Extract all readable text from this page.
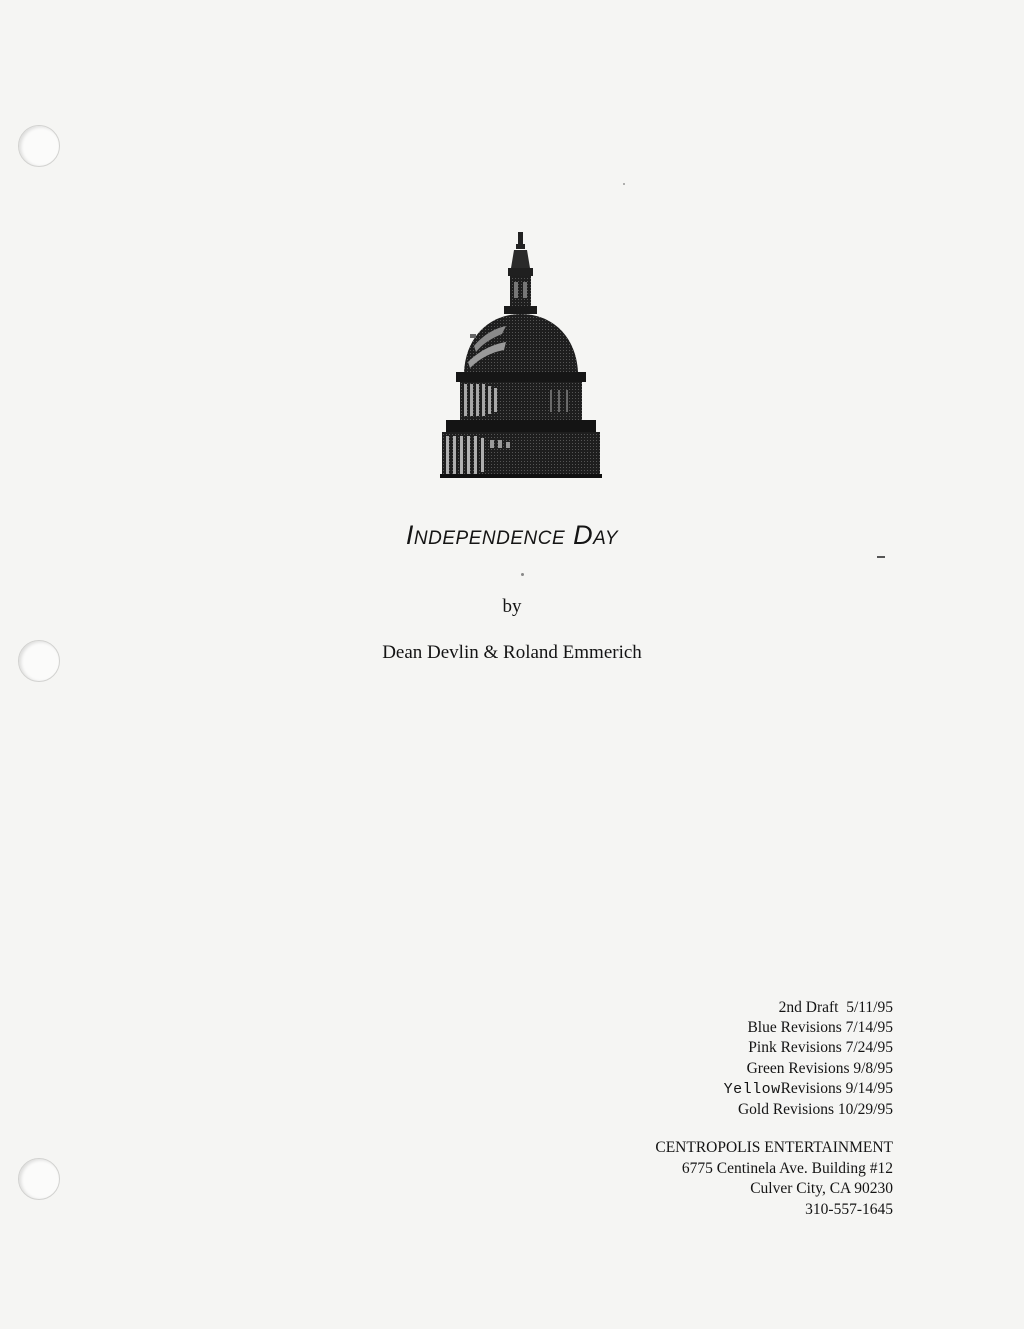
Independence Day
by
Dean Devlin & Roland Emmerich
2nd Draft 5/11/95
Blue Revisions 7/14/95
Pink Revisions 7/24/95
Green Revisions 9/8/95
YellowRevisions 9/14/95
Gold Revisions 10/29/95
CENTROPOLIS ENTERTAINMENT
6775 Centinela Ave. Building #12
Culver City, CA 90230
310-557-1645
